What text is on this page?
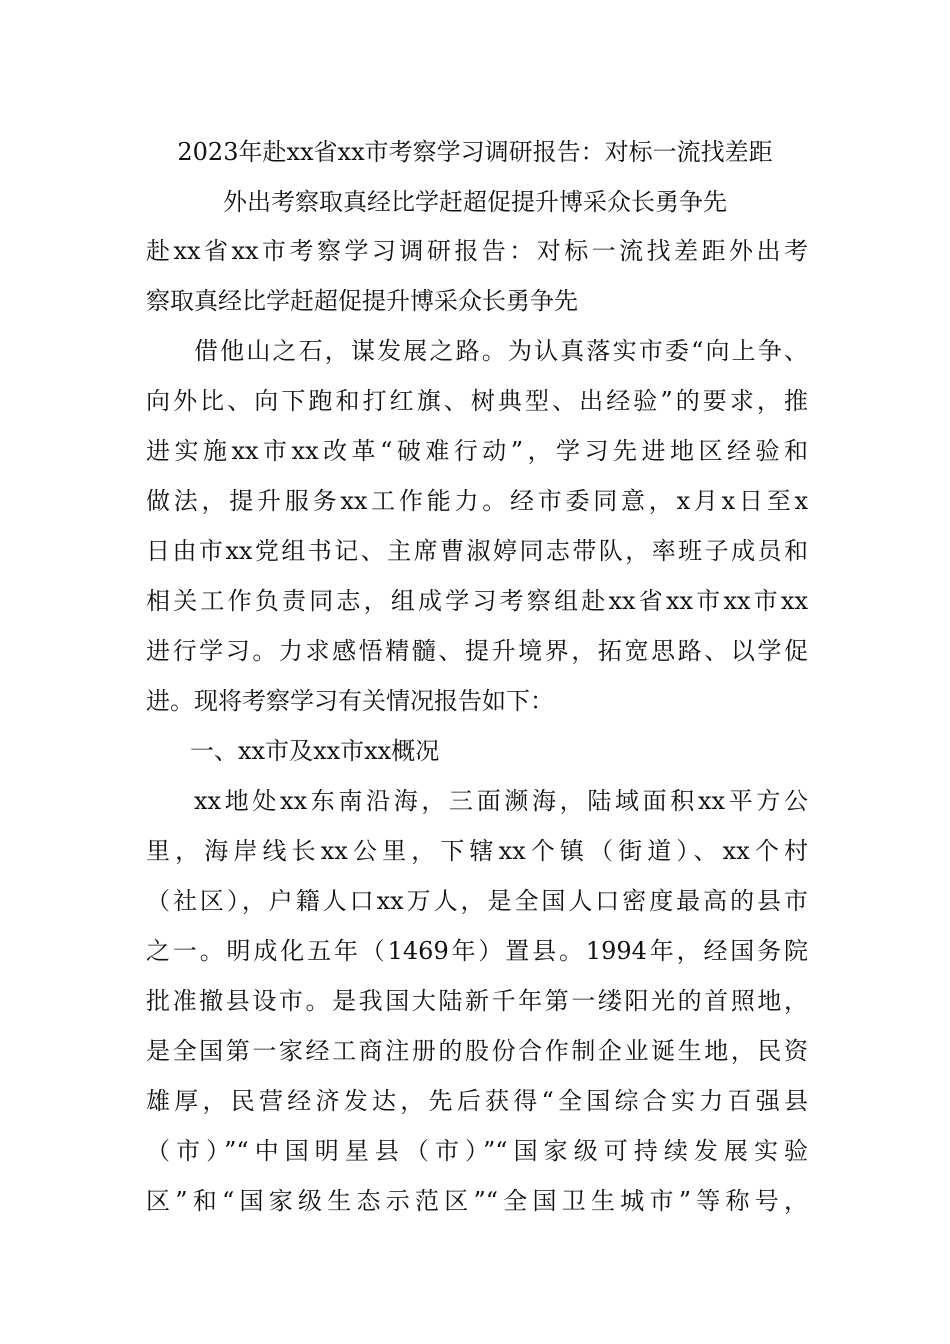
2023年赴xx省xx市考察学习调研报告：对标一流找差距
外出考察取真经比学赶超促提升博采众长勇争先
赴xx省xx市考察学习调研报告：对标一流找差距外出考
察取真经比学赶超促提升博采众长勇争先
借他山之石，谋发展之路。为认真落实市委“向上争、
向外比、向下跑和打红旗、树典型、出经验”的要求，推
进实施xx市xx改革“破难行动”，学习先进地区经验和
做法，提升服务xx工作能力。经市委同意，x月x日至x
日由市xx党组书记、主席曹淑婷同志带队，率班子成员和
相关工作负责同志，组成学习考察组赴xx省xx市xx市xx
进行学习。力求感悟精髓、提升境界，拓宽思路、以学促
进。现将考察学习有关情况报告如下：
一、xx市及xx市xx概况
xx地处xx东南沿海，三面濒海，陆域面积xx平方公
里，海岸线长xx公里，下辖xx个镇（街道）、xx个村
（社区），户籍人口xx万人，是全国人口密度最高的县市
之一。明成化五年（1469年）置县。1994年，经国务院
批准撤县设市。是我国大陆新千年第一缕阳光的首照地，
是全国第一家经工商注册的股份合作制企业诞生地，民资
雄厚，民营经济发达，先后获得“全国综合实力百强县
（市）”“中国明星县（市）”“国家级可持续发展实验
区”和“国家级生态示范区”“全国卫生城市”等称号，
